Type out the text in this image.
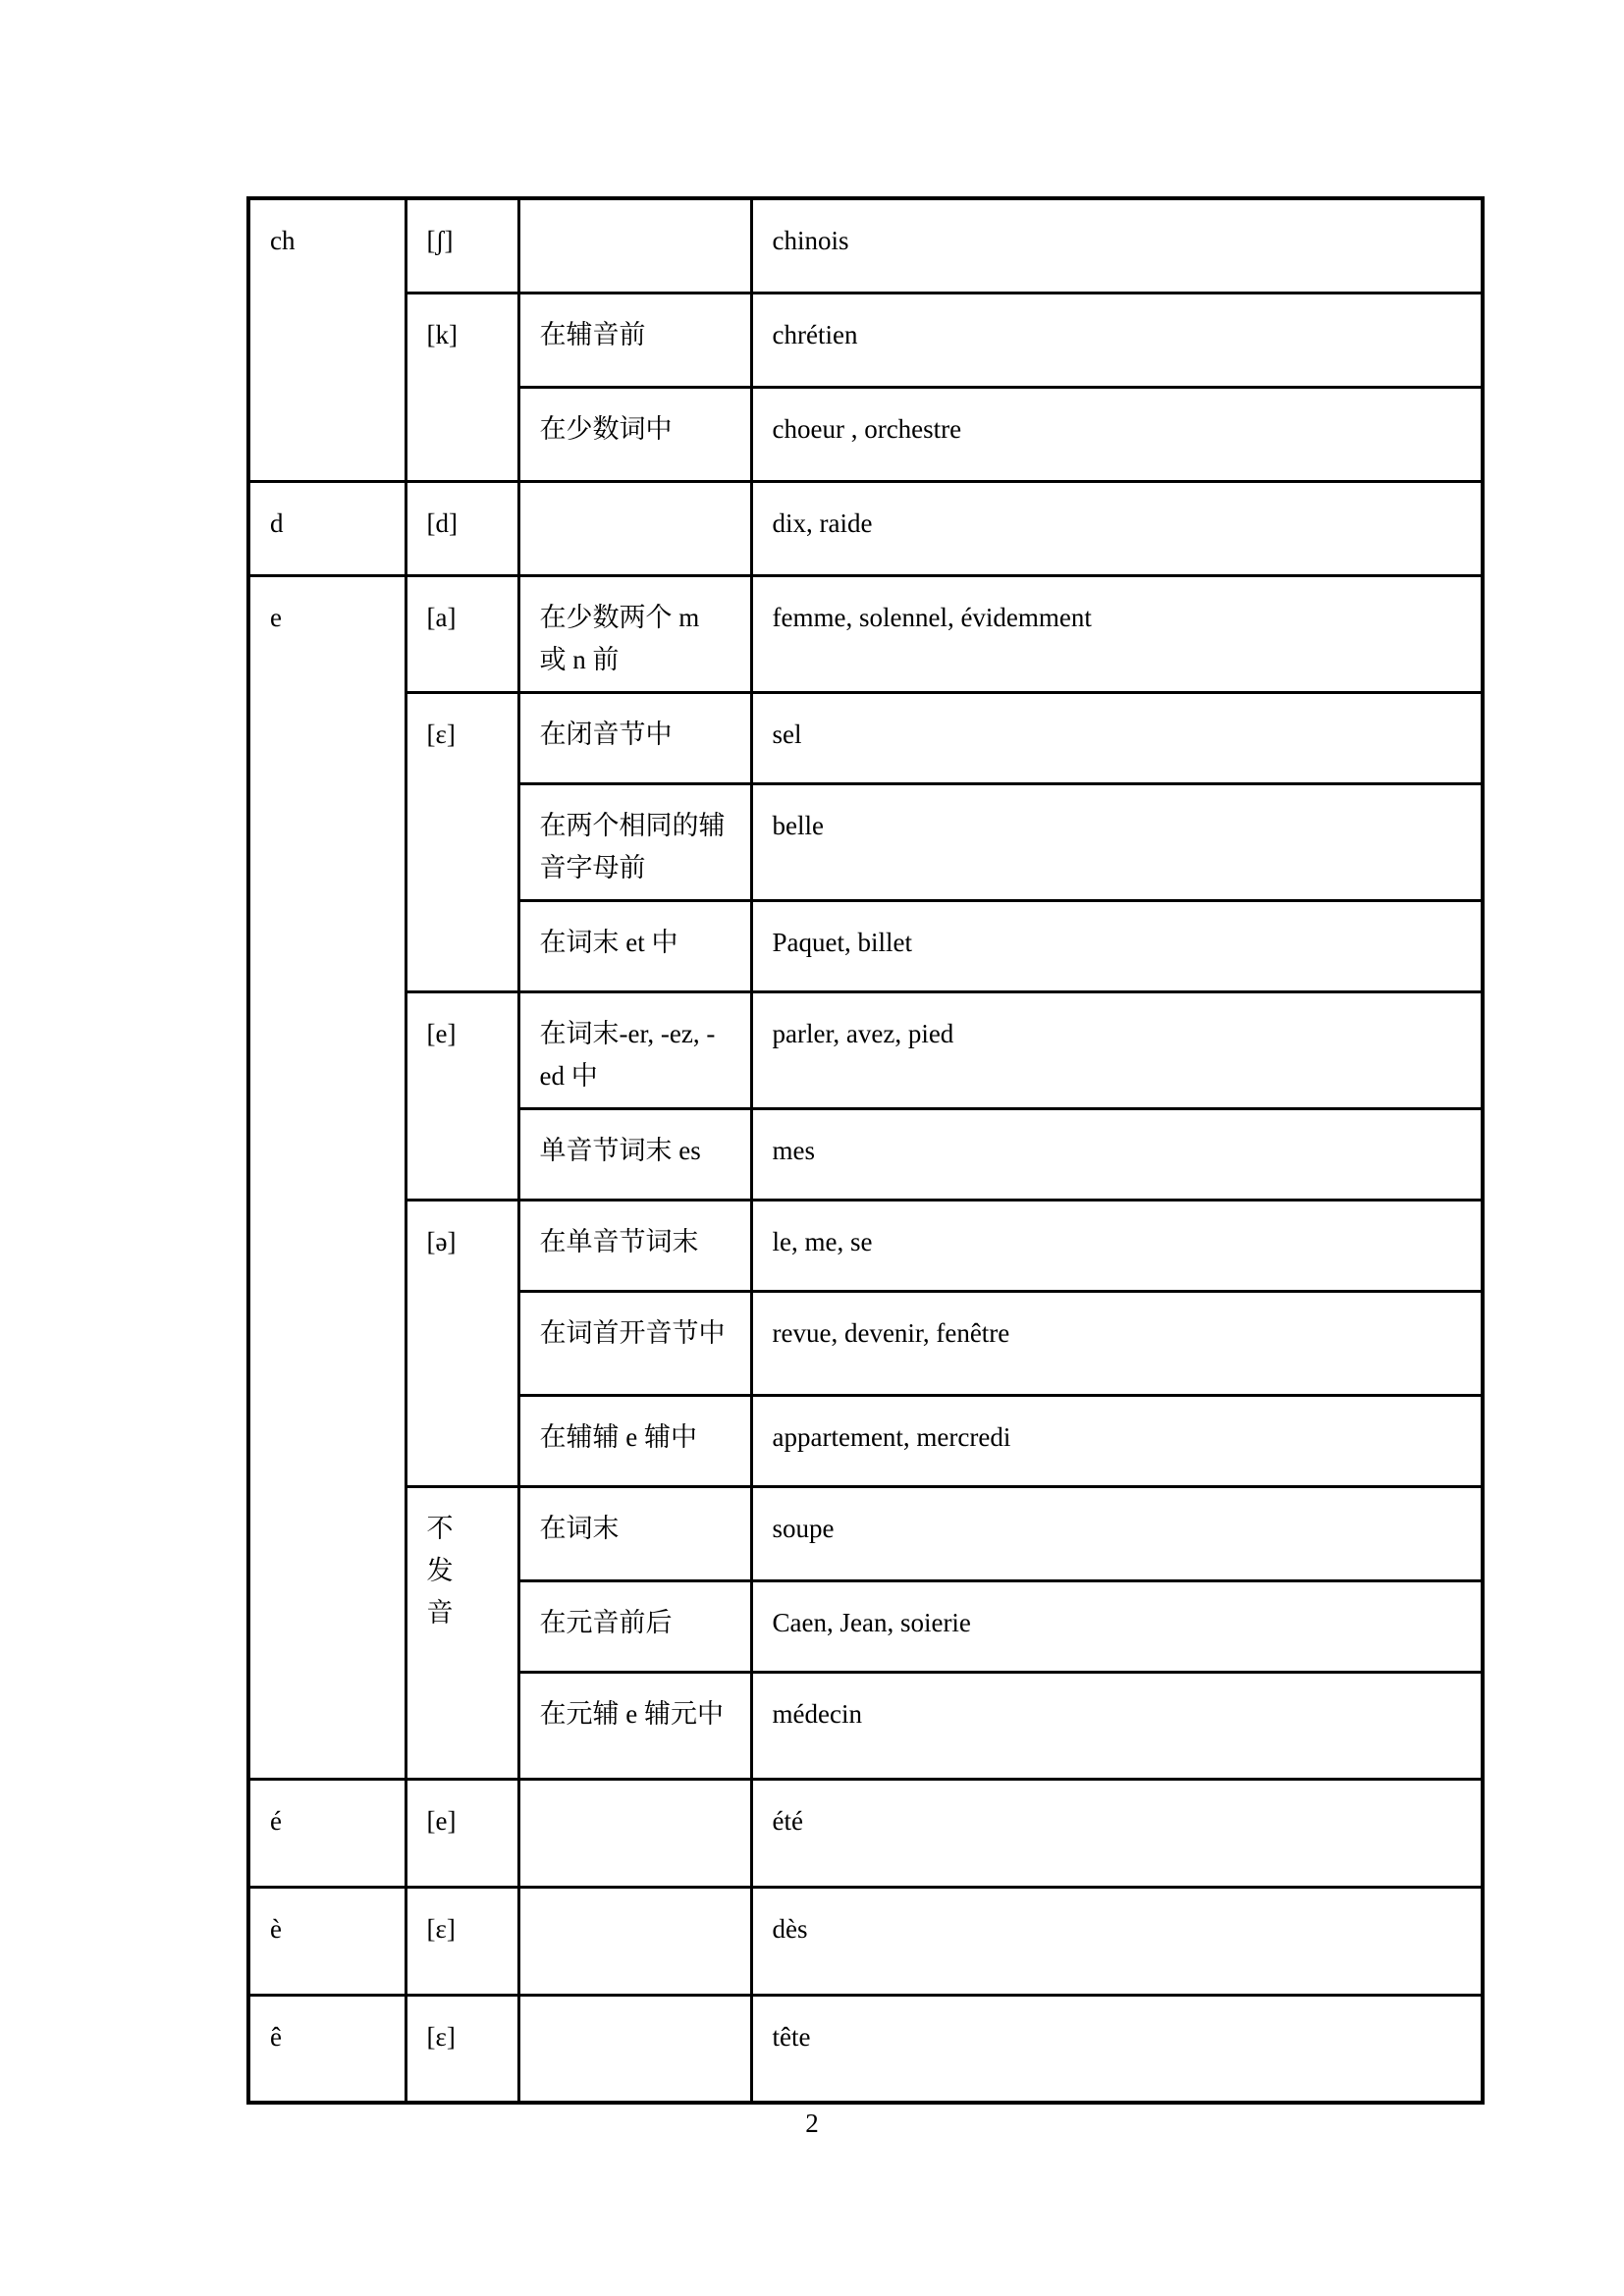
ch	[ʃ]		chinois
	[k]	在辅音前	chrétien
		在少数词中	choeur , orchestre
d	[d]		dix, raide
e	[a]	在少数两个 m 或 n 前	femme, solennel, évidemment
	[ɛ]	在闭音节中	sel
		在两个相同的辅音字母前	belle
		在词末 et 中	Paquet, billet
	[e]	在词末-er, -ez, -ed 中	parler, avez, pied
		单音节词末 es	mes
	[ə]	在单音节词末	le, me, se
		在词首开音节中	revue, devenir, fenêtre
		在辅辅 e 辅中	appartement, mercredi
	不发音	在词末	soupe
		在元音前后	Caen, Jean, soierie
		在元辅 e 辅元中	médecin
é	[e]		été
è	[ɛ]		dès
ê	[ɛ]		tête
2
